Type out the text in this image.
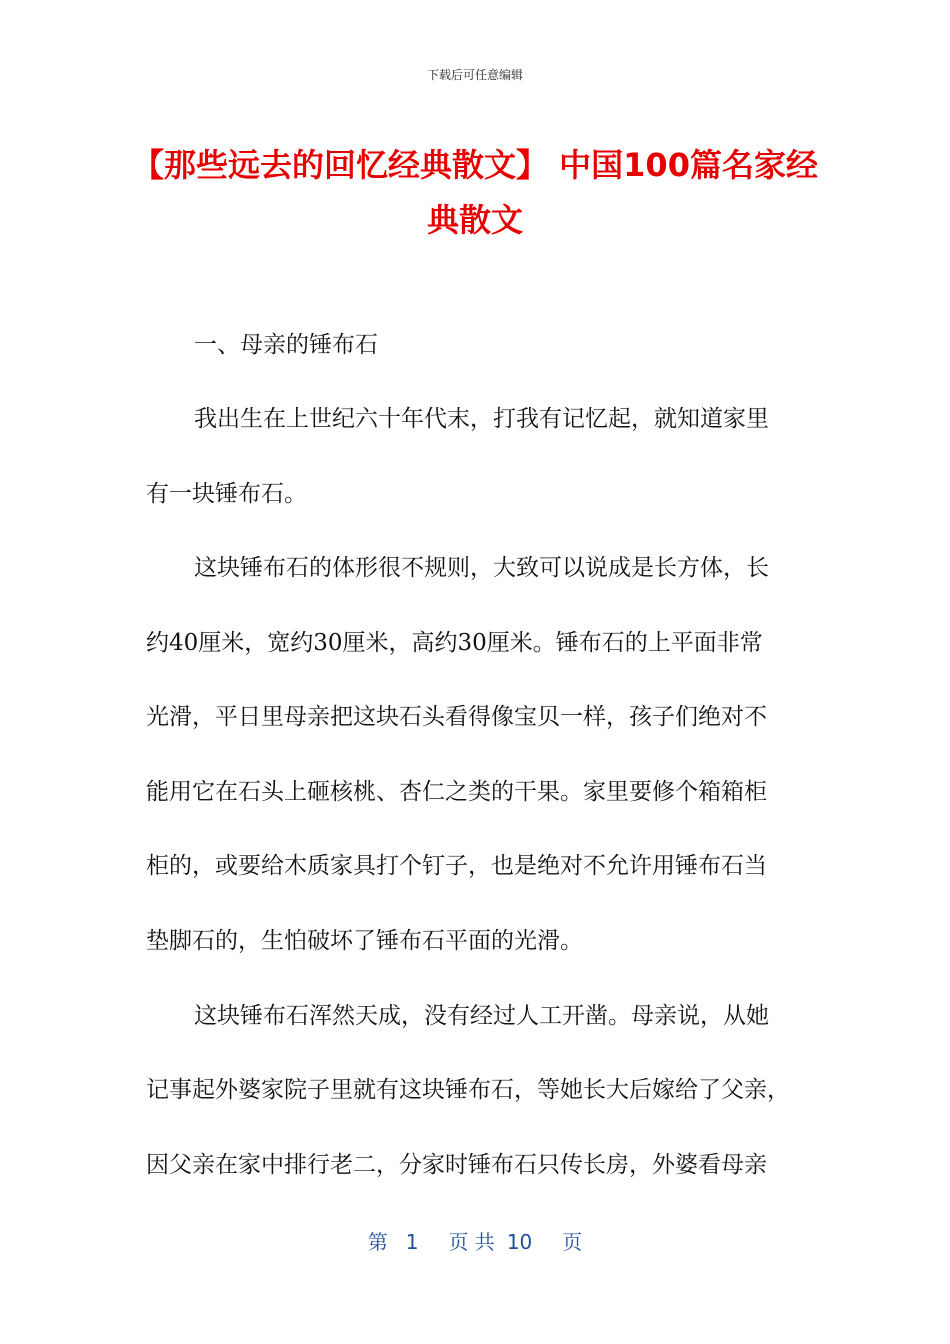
下载后可任意编辑
【那些远去的回忆经典散文】 中国100篇名家经典散文
一、母亲的锤布石
我出生在上世纪六十年代末，打我有记忆起，就知道家里
有一块锤布石。
这块锤布石的体形很不规则，大致可以说成是长方体，长
约40厘米，宽约30厘米，高约30厘米。锤布石的上平面非常
光滑，平日里母亲把这块石头看得像宝贝一样，孩子们绝对不
能用它在石头上砸核桃、杏仁之类的干果。家里要修个箱箱柜
柜的，或要给木质家具打个钉子，也是绝对不允许用锤布石当
垫脚石的，生怕破坏了锤布石平面的光滑。
这块锤布石浑然天成，没有经过人工开凿。母亲说，从她
记事起外婆家院子里就有这块锤布石，等她长大后嫁给了父亲，
因父亲在家中排行老二，分家时锤布石只传长房，外婆看母亲
第 1 页 共 10 页
